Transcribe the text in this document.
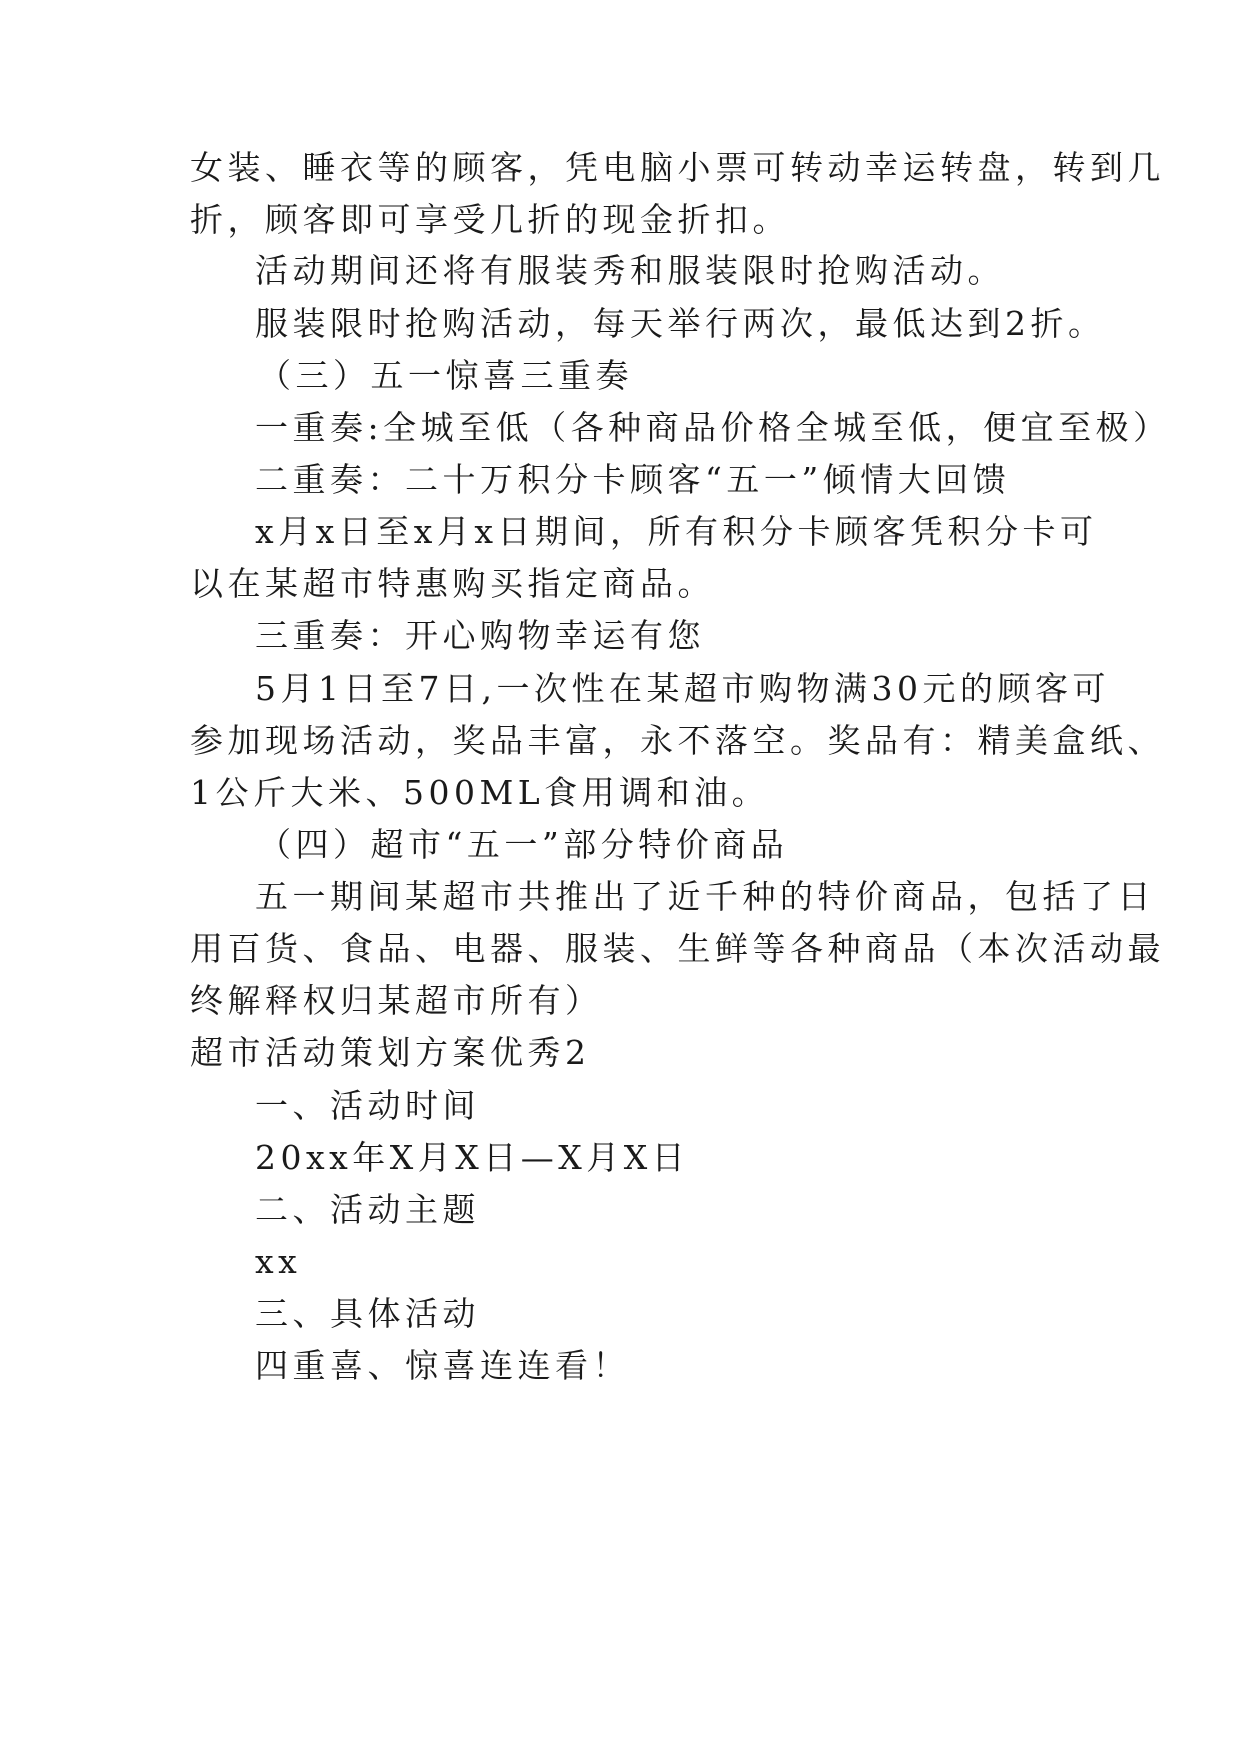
女装、睡衣等的顾客，凭电脑小票可转动幸运转盘，转到几
折，顾客即可享受几折的现金折扣。
活动期间还将有服装秀和服装限时抢购活动。
服装限时抢购活动，每天举行两次，最低达到2折。
（三）五一惊喜三重奏
一重奏:全城至低（各种商品价格全城至低，便宜至极）
二重奏：二十万积分卡顾客“五一”倾情大回馈
x月x日至x月x日期间，所有积分卡顾客凭积分卡可
以在某超市特惠购买指定商品。
三重奏：开心购物幸运有您
5月1日至7日,一次性在某超市购物满30元的顾客可
参加现场活动，奖品丰富，永不落空。奖品有：精美盒纸、
1公斤大米、500ML食用调和油。
（四）超市“五一”部分特价商品
五一期间某超市共推出了近千种的特价商品，包括了日
用百货、食品、电器、服装、生鲜等各种商品（本次活动最
终解释权归某超市所有）
超市活动策划方案优秀2
一、活动时间
20xx年X月X日—X月X日
二、活动主题
xx
三、具体活动
四重喜、惊喜连连看！
